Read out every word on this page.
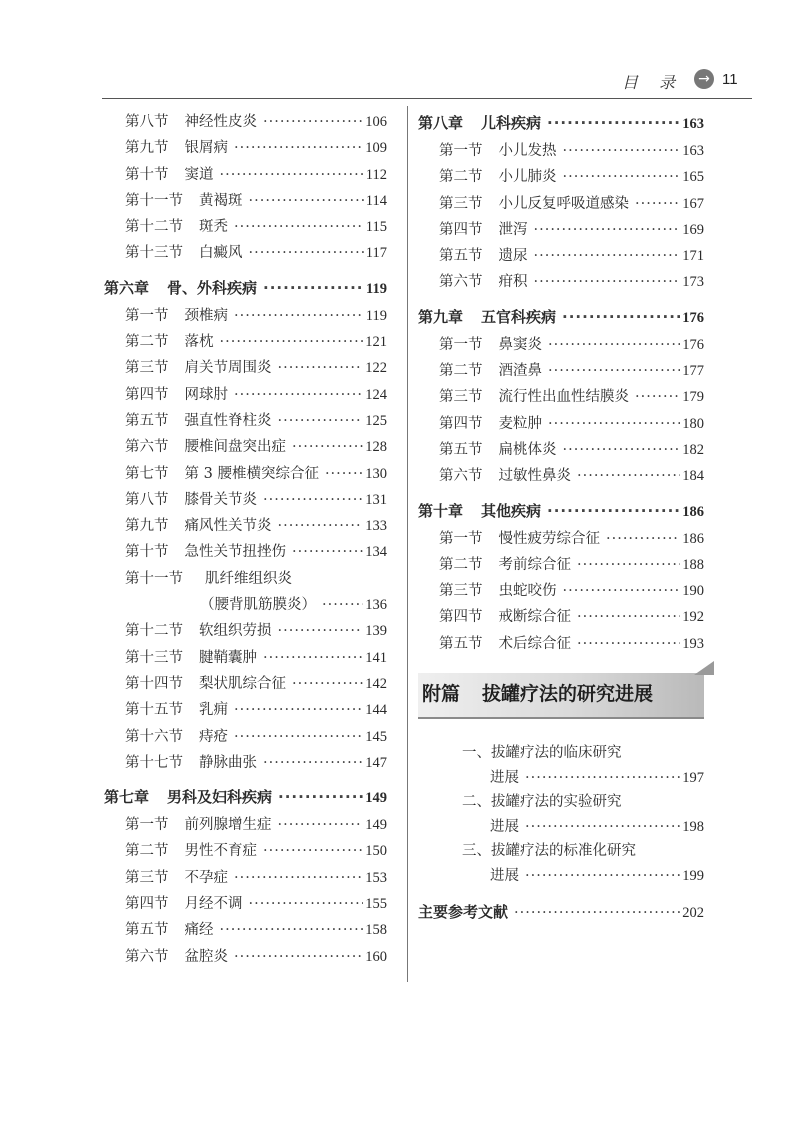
目 录 → 11
第八节 神经性皮炎 ·····	106
第九节 银屑病 ·····	109
第十节 窦道 ·····	112
第十一节 黄褐斑 ·····	114
第十二节 斑秃 ·····	115
第十三节 白癜风 ·····	117
第六章 骨、外科疾病 ·····	119
第一节 颈椎病 ·····	119
第二节 落枕 ·····	121
第三节 肩关节周围炎 ·····	122
第四节 网球肘 ·····	124
第五节 强直性脊柱炎 ·····	125
第六节 腰椎间盘突出症 ·····	128
第七节 第 3 腰椎横突综合征 ·····	130
第八节 膝骨关节炎 ·····	131
第九节 痛风性关节炎 ·····	133
第十节 急性关节扭挫伤 ·····	134
第十一节 肌纤维组织炎
（腰背肌筋膜炎） ·····	136
第十二节 软组织劳损 ·····	139
第十三节 腱鞘囊肿 ·····	141
第十四节 梨状肌综合征 ·····	142
第十五节 乳痈 ·····	144
第十六节 痔疮 ·····	145
第十七节 静脉曲张 ·····	147
第七章 男科及妇科疾病 ·····	149
第一节 前列腺增生症 ·····	149
第二节 男性不育症 ·····	150
第三节 不孕症 ·····	153
第四节 月经不调 ·····	155
第五节 痛经 ·····	158
第六节 盆腔炎 ·····	160
第八章 儿科疾病 ·····	163
第一节 小儿发热 ·····	163
第二节 小儿肺炎 ·····	165
第三节 小儿反复呼吸道感染 ·····	167
第四节 泄泻 ·····	169
第五节 遗尿 ·····	171
第六节 疳积 ·····	173
第九章 五官科疾病 ·····	176
第一节 鼻窦炎 ·····	176
第二节 酒渣鼻 ·····	177
第三节 流行性出血性结膜炎 ·····	179
第四节 麦粒肿 ·····	180
第五节 扁桃体炎 ·····	182
第六节 过敏性鼻炎 ·····	184
第十章 其他疾病 ·····	186
第一节 慢性疲劳综合征 ·····	186
第二节 考前综合征 ·····	188
第三节 虫蛇咬伤 ·····	190
第四节 戒断综合征 ·····	192
第五节 术后综合征 ·····	193
附篇 拔罐疗法的研究进展
一、拔罐疗法的临床研究
进展 ·····	197
二、拔罐疗法的实验研究
进展 ·····	198
三、拔罐疗法的标准化研究
进展 ·····	199
主要参考文献 ·····	202
